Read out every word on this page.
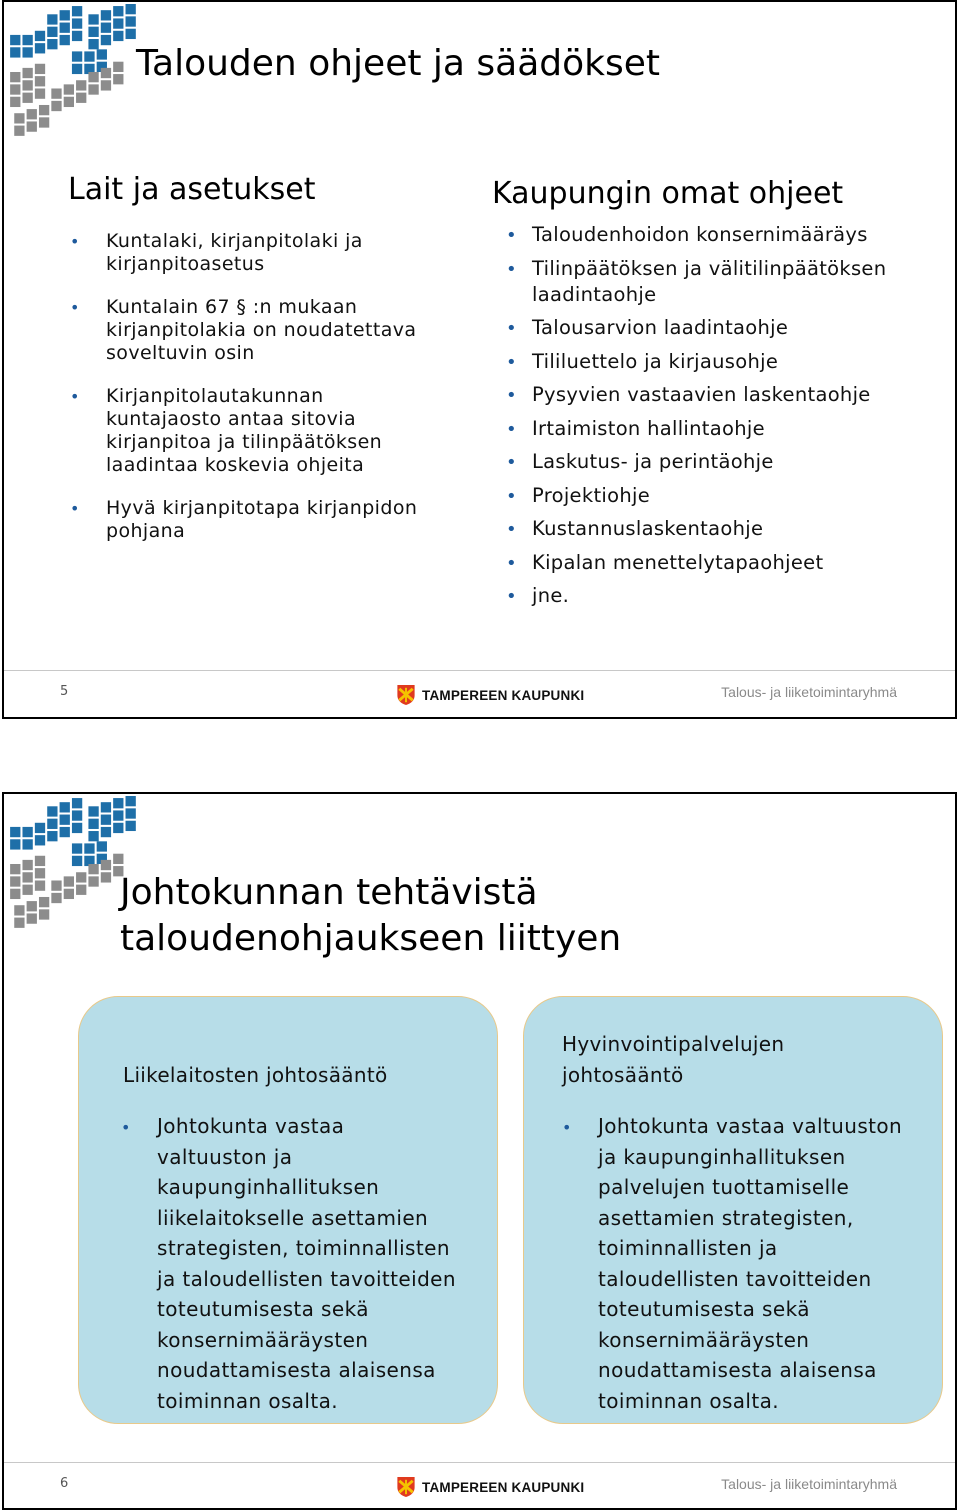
Talouden ohjeet ja säädökset
Lait ja asetukset
• Kuntalaki, kirjanpitolaki ja kirjanpitoasetus
• Kuntalain 67 § :n mukaan kirjanpitolakia on noudatettava soveltuvin osin
• Kirjanpitolautakunnan kuntajaosto antaa sitovia kirjanpitoa ja tilinpäätöksen laadintaa koskevia ohjeita
• Hyvä kirjanpitotapa kirjanpidon pohjana
Kaupungin omat ohjeet
• Taloudenhoidon konsernimääräys
• Tilinpäätöksen ja välitilinpäätöksen laadintaohje
• Talousarvion laadintaohje
• Tililuettelo ja kirjausohje
• Pysyvien vastaavien laskentaohje
• Irtaimiston hallintaohje
• Laskutus- ja perintäohje
• Projektiohje
• Kustannuslaskentaohje
• Kipalan menettelytapaohjeet
• jne.
5	TAMPEREEN KAUPUNKI	Talous- ja liiketoimintaryhmä
Johtokunnan tehtävistä
taloudenohjaukseen liittyen
Liikelaitosten johtosääntö
• Johtokunta vastaa valtuuston ja kaupunginhallituksen liikelaitokselle asettamien strategisten, toiminnallisten ja taloudellisten tavoitteiden toteutumisesta sekä konsernimääräysten noudattamisesta alaisensa toiminnan osalta.
Hyvinvointipalvelujen johtosääntö
• Johtokunta vastaa valtuuston ja kaupunginhallituksen palvelujen tuottamiselle asettamien strategisten, toiminnallisten ja taloudellisten tavoitteiden toteutumisesta sekä konsernimääräysten noudattamisesta alaisensa toiminnan osalta.
6	TAMPEREEN KAUPUNKI	Talous- ja liiketoimintaryhmä
